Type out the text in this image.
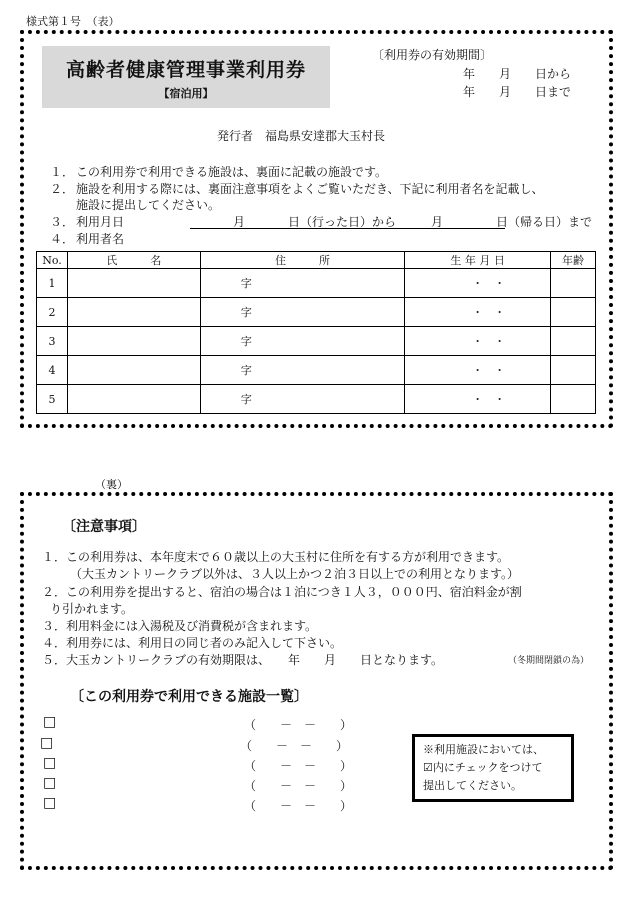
様式第１号　（表）
高齢者健康管理事業利用券
【宿泊用】
〔利用券の有効期間〕
年　　月　　日から
年　　月　　日まで
発行者　福島県安達郡大玉村長
１． この利用券で利用できる施設は、裏面に記載の施設です。
２． 施設を利用する際には、裏面注意事項をよくご覧いただき、下記に利用者名を記載し、
施設に提出してください。
３． 利用月日	月	日（行った日）から	月	日（帰る日）まで
４． 利用者名
No.	氏　　　名	住　　　所	生 年 月 日	年齢
1		字	・　・	
2		字	・　・	
3		字	・　・	
4		字	・　・	
5		字	・　・	
（裏）
〔注意事項〕
１．この利用券は、本年度末で６０歳以上の大玉村に住所を有する方が利用できます。
（大玉カントリークラブ以外は、３人以上かつ２泊３日以上での利用となります。）
２．この利用券を提出すると、宿泊の場合は１泊につき１人３，０００円、宿泊料金が割
り引かれます。
３．利用料金には入湯税及び消費税が含まれます。
４．利用券には、利用日の同じ者のみ記入して下さい。
５．大玉カントリークラブの有効期限は、　　年　　月　　日となります。	（冬期間閉鎖の為）
〔この利用券で利用できる施設一覧〕
□	（　　－　－　　）
□	（　　－　－　　）
□	（　　－　－　　）
□	（　　－　－　　）
□	（　　－　－　　）
※利用施設においては、
☑内にチェックをつけて
提出してください。
